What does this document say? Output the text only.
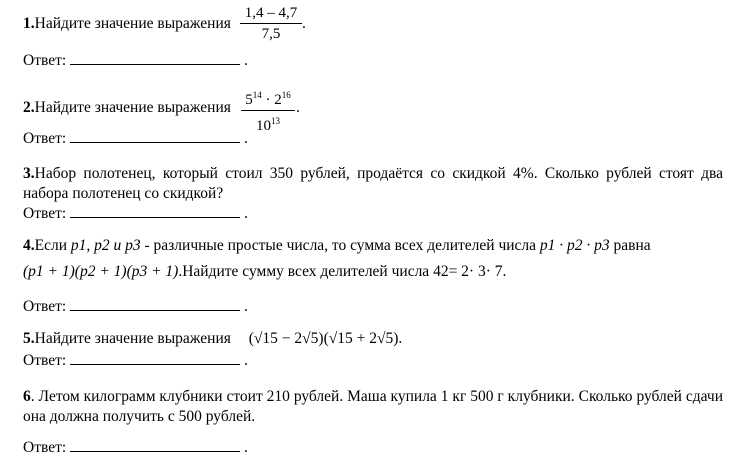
1.Найдите значение выражения
1,4 – 4,7
7,5
.
Ответ:	.
2.Найдите значение выражения $5^{14} \cdot 2^{16}$
$10^{13}$
.
Ответ:	.
3.Набор полотенец, который стоил 350 рублей, продаётся со скидкой 4%. Сколько рублей стоят два набора полотенец со скидкой?
Ответ:	.
4.Если p1, p2 и p3 - различные простые числа, то сумма всех делителей числа p1 · p2 · p3 равна
(p1 + 1)(p2 + 1)(p3 + 1).Найдите сумму всех делителей числа 42= 2· 3· 7.
Ответ:	.
5.Найдите значение выражения (√15 − 2√5)(√15 + 2√5).
Ответ:	.
6. Летом килограмм клубники стоит 210 рублей. Маша купила 1 кг 500 г клубники. Сколько рублей сдачи она должна получить с 500 рублей.
Ответ:	.
